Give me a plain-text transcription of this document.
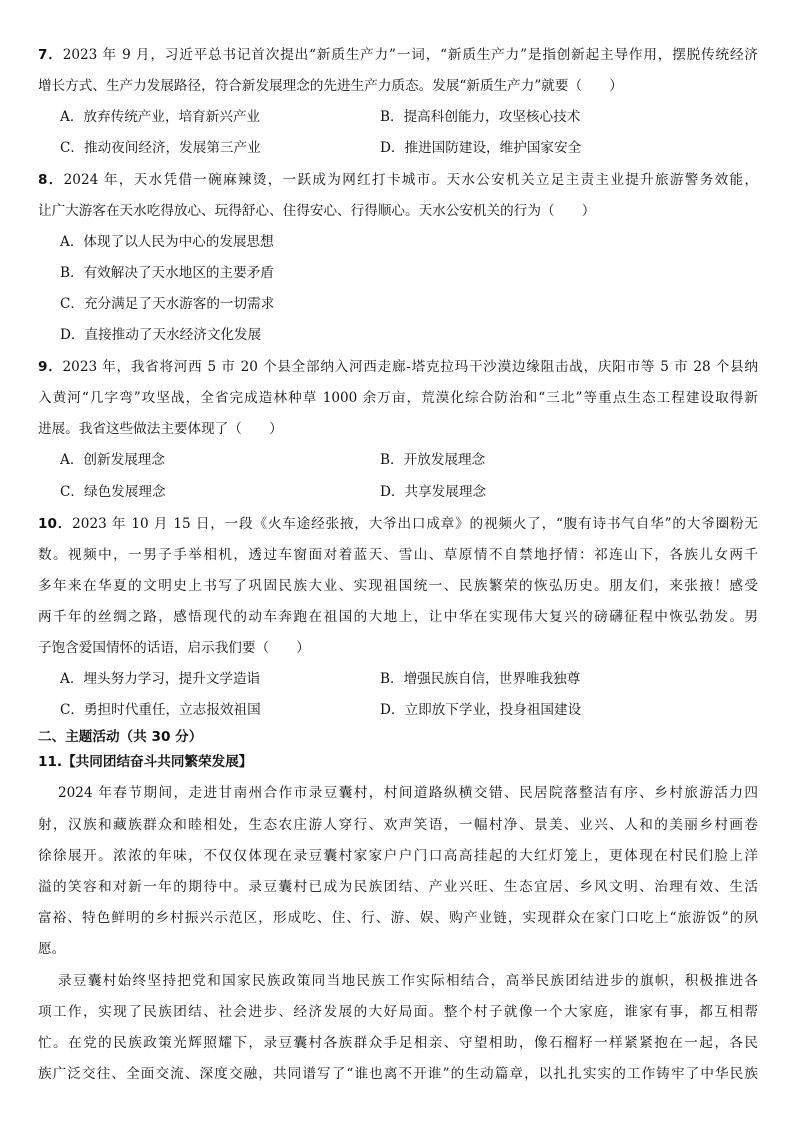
7．2023 年 9 月，习近平总书记首次提出“新质生产力”一词，“新质生产力”是指创新起主导作用，摆脱传统经济
增长方式、生产力发展路径，符合新发展理念的先进生产力质态。发展“新质生产力”就要（　　）
A．放弃传统产业，培育新兴产业	B．提高科创能力，攻坚核心技术
C．推动夜间经济，发展第三产业	D．推进国防建设，维护国家安全
8．2024 年，天水凭借一碗麻辣烫，一跃成为网红打卡城市。天水公安机关立足主责主业提升旅游警务效能，
让广大游客在天水吃得放心、玩得舒心、住得安心、行得顺心。天水公安机关的行为（　　）
A．体现了以人民为中心的发展思想
B．有效解决了天水地区的主要矛盾
C．充分满足了天水游客的一切需求
D．直接推动了天水经济文化发展
9．2023 年，我省将河西 5 市 20 个县全部纳入河西走廊-塔克拉玛干沙漠边缘阻击战，庆阳市等 5 市 28 个县纳
入黄河“几字弯”攻坚战，全省完成造林种草 1000 余万亩，荒漠化综合防治和“三北”等重点生态工程建设取得新
进展。我省这些做法主要体现了（　　）
A．创新发展理念	B．开放发展理念
C．绿色发展理念	D．共享发展理念
10．2023 年 10 月 15 日，一段《火车途经张掖，大爷出口成章》的视频火了，“腹有诗书气自华”的大爷圈粉无
数。视频中，一男子手举相机，透过车窗面对着蓝天、雪山、草原情不自禁地抒情：祁连山下，各族儿女两千
多年来在华夏的文明史上书写了巩固民族大业、实现祖国统一、民族繁荣的恢弘历史。朋友们，来张掖！感受
两千年的丝绸之路，感悟现代的动车奔跑在祖国的大地上，让中华在实现伟大复兴的磅礴征程中恢弘勃发。男
子饱含爱国情怀的话语，启示我们要（　　）
A．埋头努力学习，提升文学造诣	B．增强民族自信，世界唯我独尊
C．勇担时代重任，立志报效祖国	D．立即放下学业，投身祖国建设
二、主题活动（共 30 分）
11.【共同团结奋斗共同繁荣发展】
2024 年春节期间，走进甘南州合作市录豆囊村，村间道路纵横交错、民居院落整洁有序、乡村旅游活力四
射，汉族和藏族群众和睦相处，生态农庄游人穿行、欢声笑语，一幅村净、景美、业兴、人和的美丽乡村画卷
徐徐展开。浓浓的年味，不仅仅体现在录豆囊村家家户户门口高高挂起的大红灯笼上，更体现在村民们脸上洋
溢的笑容和对新一年的期待中。录豆囊村已成为民族团结、产业兴旺、生态宜居、乡风文明、治理有效、生活
富裕、特色鲜明的乡村振兴示范区，形成吃、住、行、游、娱、购产业链，实现群众在家门口吃上“旅游饭”的夙
愿。
录豆囊村始终坚持把党和国家民族政策同当地民族工作实际相结合，高举民族团结进步的旗帜，积极推进各
项工作，实现了民族团结、社会进步、经济发展的大好局面。整个村子就像一个大家庭，谁家有事，都互相帮
忙。在党的民族政策光辉照耀下，录豆囊村各族群众手足相亲、守望相助，像石榴籽一样紧紧抱在一起，各民
族广泛交往、全面交流、深度交融，共同谱写了“谁也离不开谁”的生动篇章，以扎扎实实的工作铸牢了中华民族
